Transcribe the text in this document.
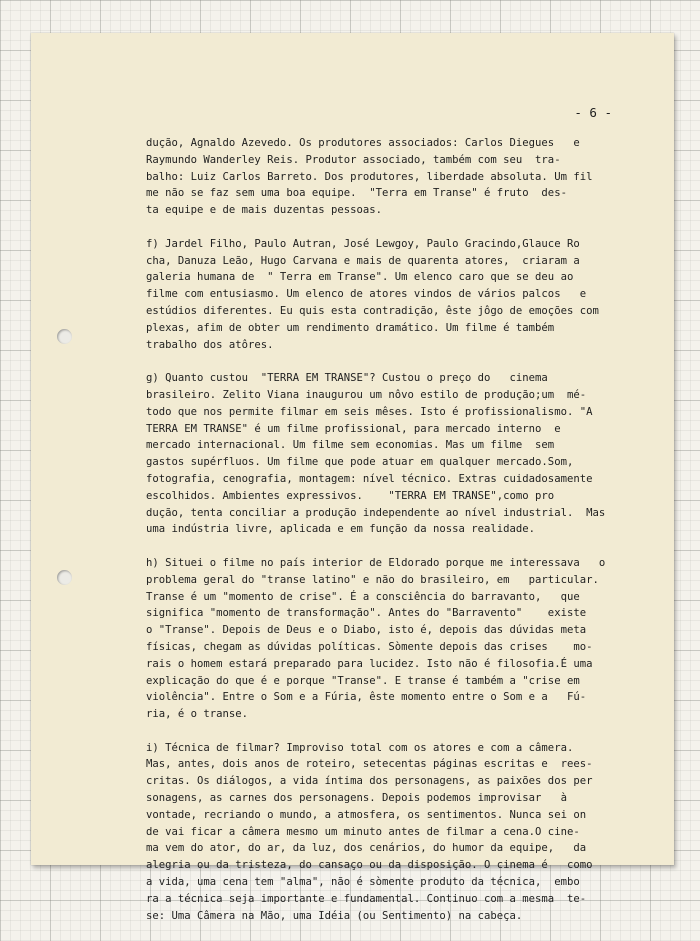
- 6 -
dução, Agnaldo Azevedo. Os produtores associados: Carlos Diegues   e
Raymundo Wanderley Reis. Produtor associado, também com seu  tra-
balho: Luiz Carlos Barreto. Dos produtores, liberdade absoluta. Um fil
me não se faz sem uma boa equipe.  "Terra em Transe" é fruto  des-
ta equipe e de mais duzentas pessoas.
f) Jardel Filho, Paulo Autran, José Lewgoy, Paulo Gracindo,Glauce Ro
cha, Danuza Leão, Hugo Carvana e mais de quarenta atores,  criaram a
galeria humana de  " Terra em Transe". Um elenco caro que se deu ao
filme com entusiasmo. Um elenco de atores vindos de vários palcos   e
estúdios diferentes. Eu quis esta contradição, êste jôgo de emoções com
plexas, afim de obter um rendimento dramático. Um filme é também
trabalho dos atôres.
g) Quanto custou  "TERRA EM TRANSE"? Custou o preço do   cinema
brasileiro. Zelito Viana inaugurou um nôvo estilo de produção;um  mé-
todo que nos permite filmar em seis mêses. Isto é profissionalismo. "A
TERRA EM TRANSE" é um filme profissional, para mercado interno  e
mercado internacional. Um filme sem economias. Mas um filme  sem
gastos supérfluos. Um filme que pode atuar em qualquer mercado.Som,
fotografia, cenografia, montagem: nível técnico. Extras cuidadosamente
escolhidos. Ambientes expressivos.    "TERRA EM TRANSE",como pro
dução, tenta conciliar a produção independente ao nível industrial.  Mas
uma indústria livre, aplicada e em função da nossa realidade.
h) Situei o filme no país interior de Eldorado porque me interessava   o
problema geral do "transe latino" e não do brasileiro, em   particular.
Transe é um "momento de crise". É a consciência do barravanto,   que
significa "momento de transformação". Antes do "Barravento"    existe
o "Transe". Depois de Deus e o Diabo, isto é, depois das dúvidas meta
físicas, chegam as dúvidas políticas. Sòmente depois das crises    mo-
rais o homem estará preparado para lucidez. Isto não é filosofia.É uma
explicação do que é e porque "Transe". E transe é também a "crise em
violência". Entre o Som e a Fúria, êste momento entre o Som e a   Fú-
ria, é o transe.
i) Técnica de filmar? Improviso total com os atores e com a câmera.
Mas, antes, dois anos de roteiro, setecentas páginas escritas e  rees-
critas. Os diálogos, a vida íntima dos personagens, as paixões dos per
sonagens, as carnes dos personagens. Depois podemos improvisar   à
vontade, recriando o mundo, a atmosfera, os sentimentos. Nunca sei on
de vai ficar a câmera mesmo um minuto antes de filmar a cena.O cine-
ma vem do ator, do ar, da luz, dos cenários, do humor da equipe,   da
alegria ou da tristeza, do cansaço ou da disposição. O cinema é   como
a vida, uma cena tem "alma", não é sòmente produto da técnica,  embo
ra a técnica seja importante e fundamental. Continuo com a mesma  te-
se: Uma Câmera na Mão, uma Idéia (ou Sentimento) na cabeça.
